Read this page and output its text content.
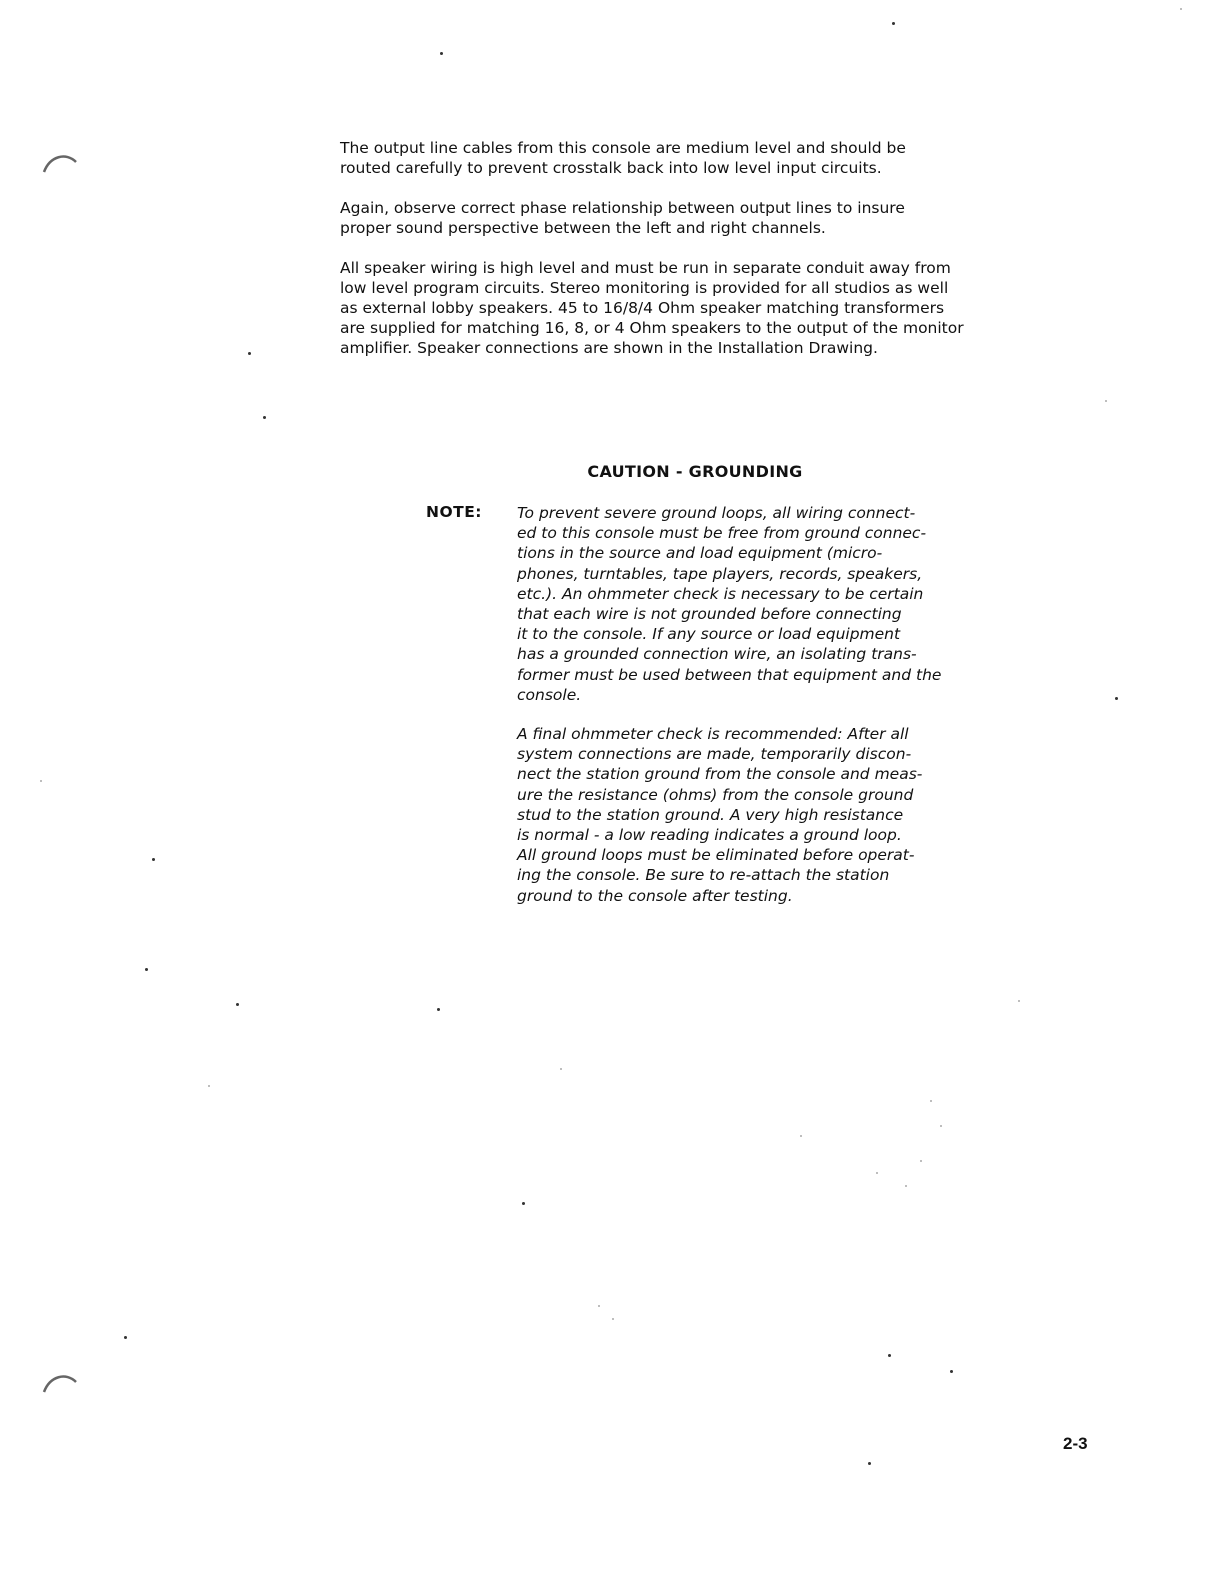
The output line cables from this console are medium level and should be
routed carefully to prevent crosstalk back into low level input circuits.

Again, observe correct phase relationship between output lines to insure
proper sound perspective between the left and right channels.

All speaker wiring is high level and must be run in separate conduit away from
low level program circuits. Stereo monitoring is provided for all studios as well
as external lobby speakers. 45 to 16/8/4 Ohm speaker matching transformers
are supplied for matching 16, 8, or 4 Ohm speakers to the output of the monitor
amplifier. Speaker connections are shown in the Installation Drawing.

CAUTION - GROUNDING

NOTE: To prevent severe ground loops, all wiring connect-
ed to this console must be free from ground connec-
tions in the source and load equipment (micro-
phones, turntables, tape players, records, speakers,
etc.). An ohmmeter check is necessary to be certain
that each wire is not grounded before connecting
it to the console. If any source or load equipment
has a grounded connection wire, an isolating trans-
former must be used between that equipment and the
console.

A final ohmmeter check is recommended: After all
system connections are made, temporarily discon-
nect the station ground from the console and meas-
ure the resistance (ohms) from the console ground
stud to the station ground. A very high resistance
is normal - a low reading indicates a ground loop.
All ground loops must be eliminated before operat-
ing the console. Be sure to re-attach the station
ground to the console after testing.

2-3
